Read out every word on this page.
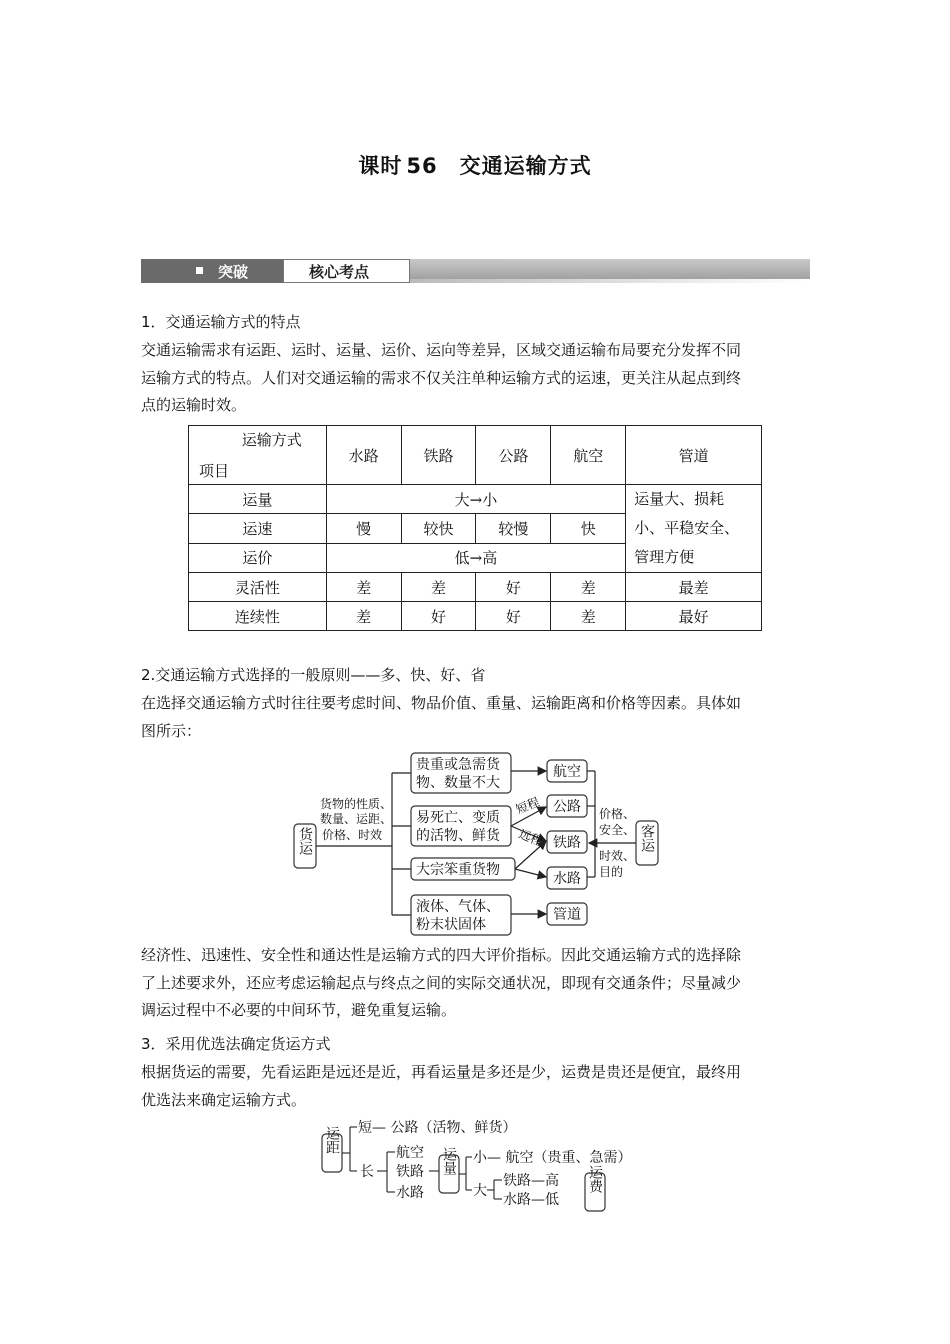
课时 56 交通运输方式
突破	核心考点
1．交通运输方式的特点
交通运输需求有运距、运时、运量、运价、运向等差异，区域交通运输布局要充分发挥不同
运输方式的特点。人们对交通运输的需求不仅关注单种运输方式的运速，更关注从起点到终
点的运输时效。
运输方式
项目	水路	铁路	公路	航空	管道
运量	大→小				运量大、损耗
小、平稳安全、
管理方便

运速	慢	较快	较慢	快	
运价	低→高				
灵活性	差	差	好	差	最差
连续性	差	好	好	差	最好
2.交通运输方式选择的一般原则——多、快、好、省
在选择交通运输方式时往往要考虑时间、物品价值、重量、运输距离和价格等因素。具体如
图所示：
货运	客运
货物的性质、
数量、运距、
价格、时效
价格、
安全、
时效、
目的
短程
远程
贵重或急需货
物、数量不大
易死亡、变质
的活物、鲜货
大宗笨重货物
液体、气体、
粉末状固体
航空
公路
铁路
水路
管道
运距
运量
运费
短— 公路（活物、鲜货）
长
航空
铁路
水路
小— 航空（贵重、急需）
大
铁路—高
水路—低
经济性、迅速性、安全性和通达性是运输方式的四大评价指标。因此交通运输方式的选择除
了上述要求外，还应考虑运输起点与终点之间的实际交通状况，即现有交通条件；尽量减少
调运过程中不必要的中间环节，避免重复运输。
3．采用优选法确定货运方式
根据货运的需要，先看运距是远还是近，再看运量是多还是少，运费是贵还是便宜，最终用
优选法来确定运输方式。
